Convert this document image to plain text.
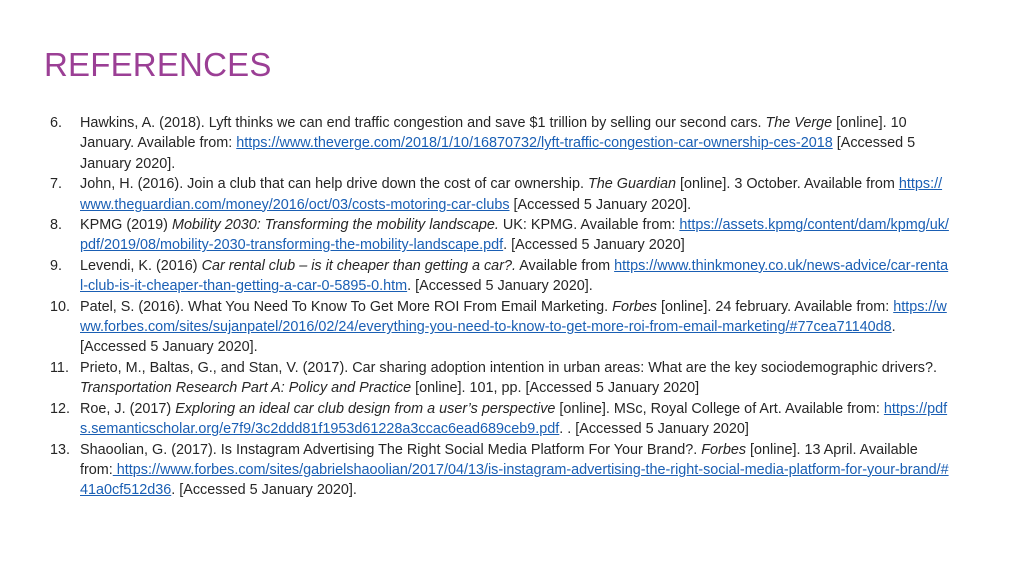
REFERENCES
6. Hawkins, A. (2018). Lyft thinks we can end traffic congestion and save $1 trillion by selling our second cars. The Verge [online]. 10 January. Available from: https://www.theverge.com/2018/1/10/16870732/lyft-traffic-congestion-car-ownership-ces-2018 [Accessed 5 January 2020].
7. John, H. (2016). Join a club that can help drive down the cost of car ownership. The Guardian [online]. 3 October. Available from https://www.theguardian.com/money/2016/oct/03/costs-motoring-car-clubs [Accessed 5 January 2020].
8. KPMG (2019) Mobility 2030: Transforming the mobility landscape. UK: KPMG. Available from: https://assets.kpmg/content/dam/kpmg/uk/pdf/2019/08/mobility-2030-transforming-the-mobility-landscape.pdf. [Accessed 5 January 2020]
9. Levendi, K. (2016) Car rental club – is it cheaper than getting a car?. Available from https://www.thinkmoney.co.uk/news-advice/car-rental-club-is-it-cheaper-than-getting-a-car-0-5895-0.htm. [Accessed 5 January 2020].
10. Patel, S. (2016). What You Need To Know To Get More ROI From Email Marketing. Forbes [online]. 24 february. Available from: https://www.forbes.com/sites/sujanpatel/2016/02/24/everything-you-need-to-know-to-get-more-roi-from-email-marketing/#77cea71140d8. [Accessed 5 January 2020].
11. Prieto, M., Baltas, G., and Stan, V. (2017). Car sharing adoption intention in urban areas: What are the key sociodemographic drivers?. Transportation Research Part A: Policy and Practice [online]. 101, pp. [Accessed 5 January 2020]
12. Roe, J. (2017) Exploring an ideal car club design from a user’s perspective [online]. MSc, Royal College of Art. Available from: https://pdfs.semanticscholar.org/e7f9/3c2ddd81f1953d61228a3ccac6ead689ceb9.pdf. . [Accessed 5 January 2020]
13. Shaoolian, G. (2017). Is Instagram Advertising The Right Social Media Platform For Your Brand?. Forbes [online]. 13 April. Available from: https://www.forbes.com/sites/gabrielshaoolian/2017/04/13/is-instagram-advertising-the-right-social-media-platform-for-your-brand/#41a0cf512d36. [Accessed 5 January 2020].
